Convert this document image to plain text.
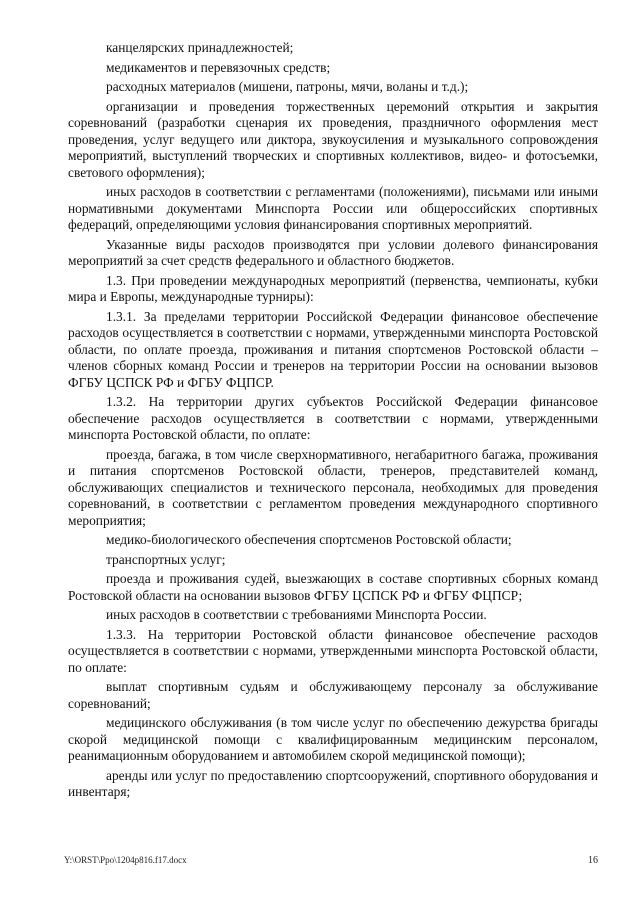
канцелярских принадлежностей;

медикаментов и перевязочных средств;

расходных материалов (мишени, патроны, мячи, воланы и т.д.);

организации и проведения торжественных церемоний открытия и закрытия соревнований (разработки сценария их проведения, праздничного оформления мест проведения, услуг ведущего или диктора, звукоусиления и музыкального сопровождения мероприятий, выступлений творческих и спортивных коллективов, видео- и фотосъемки, светового оформления);

иных расходов в соответствии с регламентами (положениями), письмами или иными нормативными документами Минспорта России или общероссийских спортивных федераций, определяющими условия финансирования спортивных мероприятий.

Указанные виды расходов производятся при условии долевого финансирования мероприятий за счет средств федерального и областного бюджетов.

1.3. При проведении международных мероприятий (первенства, чемпионаты, кубки мира и Европы, международные турниры):

1.3.1. За пределами территории Российской Федерации финансовое обеспечение расходов осуществляется в соответствии с нормами, утвержденными минспорта Ростовской области, по оплате проезда, проживания и питания спортсменов Ростовской области – членов сборных команд России и тренеров на территории России на основании вызовов ФГБУ ЦСПСК РФ и ФГБУ ФЦПСР.

1.3.2. На территории других субъектов Российской Федерации финансовое обеспечение расходов осуществляется в соответствии с нормами, утвержденными минспорта Ростовской области, по оплате:

проезда, багажа, в том числе сверхнормативного, негабаритного багажа, проживания и питания спортсменов Ростовской области, тренеров, представителей команд, обслуживающих специалистов и технического персонала, необходимых для проведения соревнований, в соответствии с регламентом проведения международного спортивного мероприятия;

медико-биологического обеспечения спортсменов Ростовской области;

транспортных услуг;

проезда и проживания судей, выезжающих в составе спортивных сборных команд Ростовской области на основании вызовов ФГБУ ЦСПСК РФ и ФГБУ ФЦПСР;

иных расходов в соответствии с требованиями Минспорта России.

1.3.3. На территории Ростовской области финансовое обеспечение расходов осуществляется в соответствии с нормами, утвержденными минспорта Ростовской области, по оплате:

выплат спортивным судьям и обслуживающему персоналу за обслуживание соревнований;

медицинского обслуживания (в том числе услуг по обеспечению дежурства бригады скорой медицинской помощи с квалифицированным медицинским персоналом, реанимационным оборудованием и автомобилем скорой медицинской помощи);

аренды или услуг по предоставлению спортсооружений, спортивного оборудования и инвентаря;

Y:\ORST\Ppo\1204p816.f17.docx	16
